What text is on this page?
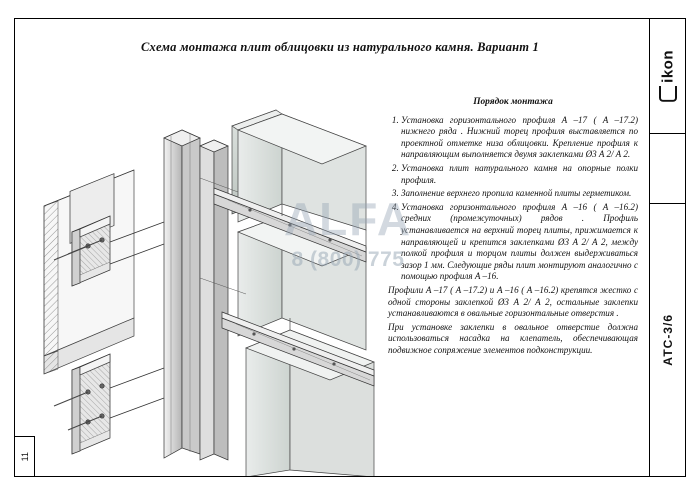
ALFA
8 (800) 775
ikon
АТС-3/6
11
Схема монтажа плит облицовки из натурального камня. Вариант 1
Порядок монтажа
1. Установка горизонтального профиля A –17 ( A –17.2) нижнего ряда . Нижний торец профиля выставляется по проектной отметке низа облицовки. Крепление профиля к направляющим выполняется двумя заклепками Ø3 A 2/ A 2.
2. Установка плит натурального камня на опорные полки профиля.
3. Заполнение верхнего пропила каменной плиты герметиком.
4. Установка горизонтального профиля A –16 ( A –16.2) средних (промежуточных) рядов . Профиль устанавливается на верхний торец плиты, прижимается к направляющей и крепится заклепками Ø3 A 2/ A 2, между полкой профиля и торцом плиты должен выдерживаться зазор 1 мм. Следующие ряды плит монтируют аналогично с помощью профиля A –16.

Профили A –17 ( A –17.2) и A –16 ( A –16.2) крепятся жестко с одной стороны заклепкой Ø3 A 2/ A 2, остальные заклепки устанавливаются в овальные горизонтальные отверстия .

При установке заклепки в овальное отверстие должна использоваться насадка на клепатель, обеспечивающая подвижное сопряжение элементов подконструкции.
